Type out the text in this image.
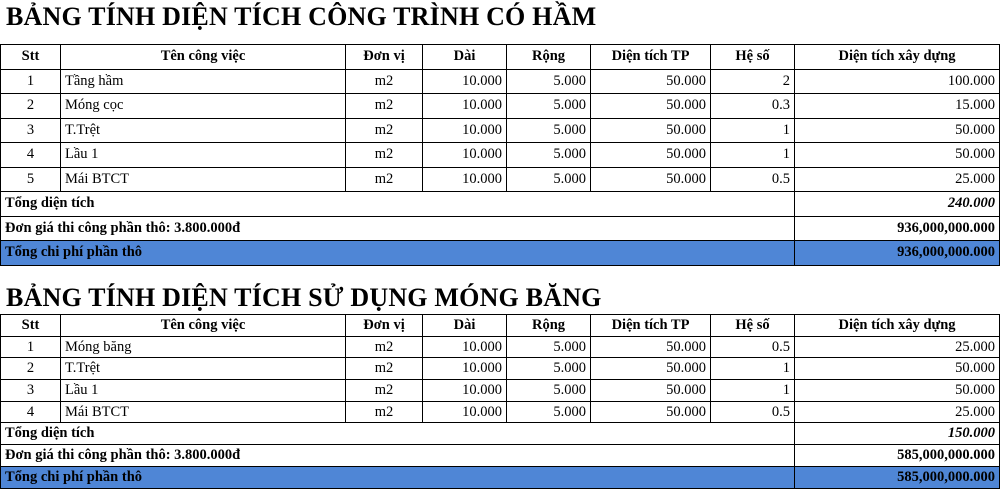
BẢNG TÍNH DIỆN TÍCH CÔNG TRÌNH CÓ HẦM
Stt	Tên công việc	Đơn vị	Dài	Rộng	Diện tích TP	Hệ số	Diện tích xây dựng
1	Tầng hầm	m2	10.000	5.000	50.000	2	100.000
2	Móng cọc	m2	10.000	5.000	50.000	0.3	15.000
3	T.Trệt	m2	10.000	5.000	50.000	1	50.000
4	Lầu 1	m2	10.000	5.000	50.000	1	50.000
5	Mái BTCT	m2	10.000	5.000	50.000	0.5	25.000
Tổng diện tích							240.000
Đơn giá thi công phần thô: 3.800.000đ							936,000,000.000
Tổng chi phí phần thô							936,000,000.000
BẢNG TÍNH DIỆN TÍCH SỬ DỤNG MÓNG BĂNG
Stt	Tên công việc	Đơn vị	Dài	Rộng	Diện tích TP	Hệ số	Diện tích xây dựng
1	Móng băng	m2	10.000	5.000	50.000	0.5	25.000
2	T.Trệt	m2	10.000	5.000	50.000	1	50.000
3	Lầu 1	m2	10.000	5.000	50.000	1	50.000
4	Mái BTCT	m2	10.000	5.000	50.000	0.5	25.000
Tổng diện tích							150.000
Đơn giá thi công phần thô: 3.800.000đ							585,000,000.000
Tổng chi phí phần thô							585,000,000.000
